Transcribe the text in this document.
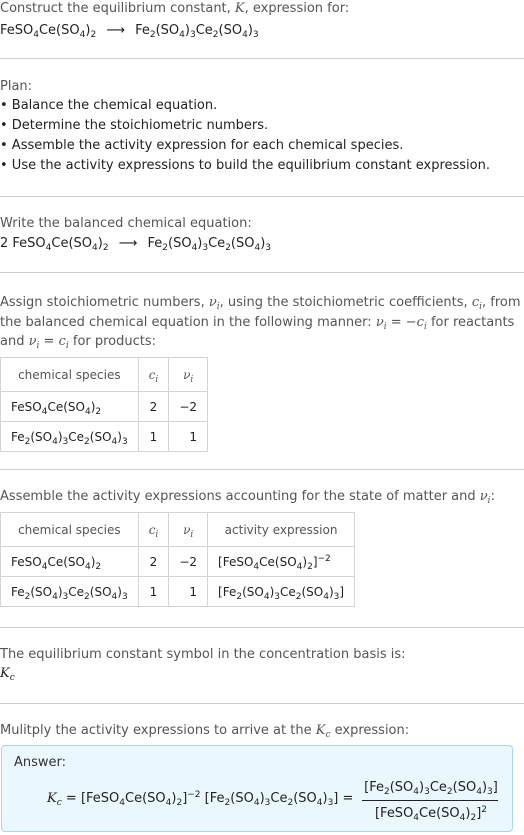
Construct the equilibrium constant, K, expression for:
$FeSO_4Ce(SO_4)_2$ ⟶ $Fe_2(SO_4)_3Ce_2(SO_4)_3$
Plan:
• Balance the chemical equation.
• Determine the stoichiometric numbers.
• Assemble the activity expression for each chemical species.
• Use the activity expressions to build the equilibrium constant expression.
Write the balanced chemical equation:
2 $FeSO_4Ce(SO_4)_2$ ⟶ $Fe_2(SO_4)_3Ce_2(SO_4)_3$
Assign stoichiometric numbers, $\nu_i$, using the stoichiometric coefficients, $c_i$, from
the balanced chemical equation in the following manner: $\nu_i = -c_i$ for reactants
and $\nu_i = c_i$ for products:
chemical species	$c_i$	$\nu_i$
$FeSO_4Ce(SO_4)_2$	2	−2
$Fe_2(SO_4)_3Ce_2(SO_4)_3$	1	1
Assemble the activity expressions accounting for the state of matter and $\nu_i$:
chemical species	$c_i$	$\nu_i$	activity expression
$FeSO_4Ce(SO_4)_2$	2	−2	$[FeSO_4Ce(SO_4)_2]^{-2}$
$Fe_2(SO_4)_3Ce_2(SO_4)_3$	1	1	$[Fe_2(SO_4)_3Ce_2(SO_4)_3]$
The equilibrium constant symbol in the concentration basis is:
$K_c$
Mulitply the activity expressions to arrive at the $K_c$ expression:
Answer:
$K_c$ = $[FeSO_4Ce(SO_4)_2]^{-2}$ $[Fe_2(SO_4)_3Ce_2(SO_4)_3]$ =
$[Fe_2(SO_4)_3Ce_2(SO_4)_3]$
$[FeSO_4Ce(SO_4)_2]^2$
